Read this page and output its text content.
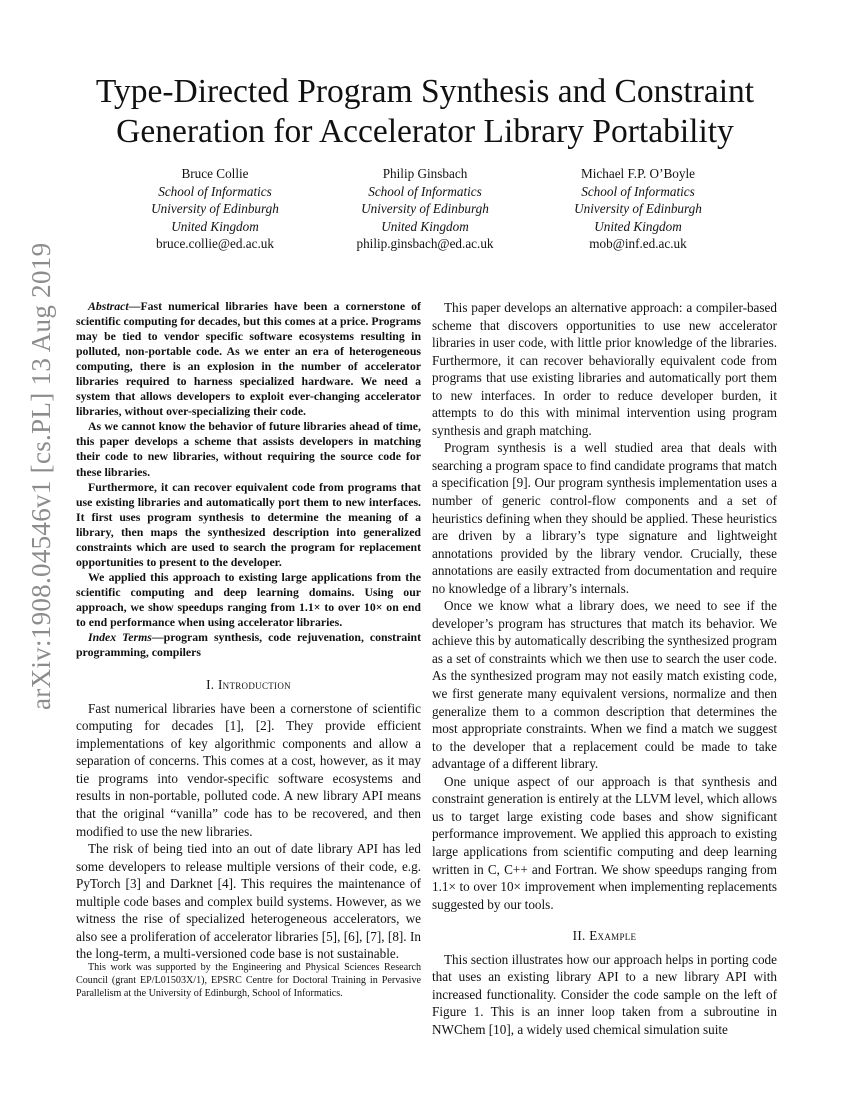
arXiv:1908.04546v1 [cs.PL] 13 Aug 2019
Type-Directed Program Synthesis and Constraint Generation for Accelerator Library Portability
Bruce Collie
School of Informatics
University of Edinburgh
United Kingdom
bruce.collie@ed.ac.uk
Philip Ginsbach
School of Informatics
University of Edinburgh
United Kingdom
philip.ginsbach@ed.ac.uk
Michael F.P. O’Boyle
School of Informatics
University of Edinburgh
United Kingdom
mob@inf.ed.ac.uk

Abstract—Fast numerical libraries have been a cornerstone of scientific computing for decades, but this comes at a price. Programs may be tied to vendor specific software ecosystems resulting in polluted, non-portable code. As we enter an era of heterogeneous computing, there is an explosion in the number of accelerator libraries required to harness specialized hardware. We need a system that allows developers to exploit ever-changing accelerator libraries, without over-specializing their code.

As we cannot know the behavior of future libraries ahead of time, this paper develops a scheme that assists developers in matching their code to new libraries, without requiring the source code for these libraries.

Furthermore, it can recover equivalent code from programs that use existing libraries and automatically port them to new interfaces. It first uses program synthesis to determine the meaning of a library, then maps the synthesized description into generalized constraints which are used to search the program for replacement opportunities to present to the developer.

We applied this approach to existing large applications from the scientific computing and deep learning domains. Using our approach, we show speedups ranging from 1.1× to over 10× on end to end performance when using accelerator libraries.

Index Terms—program synthesis, code rejuvenation, constraint programming, compilers

I. Introduction

Fast numerical libraries have been a cornerstone of scientific computing for decades [1], [2]. They provide efficient implementations of key algorithmic components and allow a separation of concerns. This comes at a cost, however, as it may tie programs into vendor-specific software ecosystems and results in non-portable, polluted code. A new library API means that the original “vanilla” code has to be recovered, and then modified to use the new libraries.

The risk of being tied into an out of date library API has led some developers to release multiple versions of their code, e.g. PyTorch [3] and Darknet [4]. This requires the maintenance of multiple code bases and complex build systems. However, as we witness the rise of specialized heterogeneous accelerators, we also see a proliferation of accelerator libraries [5], [6], [7], [8]. In the long-term, a multi-versioned code base is not sustainable.

This work was supported by the Engineering and Physical Sciences Research Council (grant EP/L01503X/1), EPSRC Centre for Doctoral Training in Pervasive Parallelism at the University of Edinburgh, School of Informatics.

This paper develops an alternative approach: a compiler-based scheme that discovers opportunities to use new accelerator libraries in user code, with little prior knowledge of the libraries. Furthermore, it can recover behaviorally equivalent code from programs that use existing libraries and automatically port them to new interfaces. In order to reduce developer burden, it attempts to do this with minimal intervention using program synthesis and graph matching.

Program synthesis is a well studied area that deals with searching a program space to find candidate programs that match a specification [9]. Our program synthesis implementation uses a number of generic control-flow components and a set of heuristics defining when they should be applied. These heuristics are driven by a library’s type signature and lightweight annotations provided by the library vendor. Crucially, these annotations are easily extracted from documentation and require no knowledge of a library’s internals.

Once we know what a library does, we need to see if the developer’s program has structures that match its behavior. We achieve this by automatically describing the synthesized program as a set of constraints which we then use to search the user code. As the synthesized program may not easily match existing code, we first generate many equivalent versions, normalize and then generalize them to a common description that determines the most appropriate constraints. When we find a match we suggest to the developer that a replacement could be made to take advantage of a different library.

One unique aspect of our approach is that synthesis and constraint generation is entirely at the LLVM level, which allows us to target large existing code bases and show significant performance improvement. We applied this approach to existing large applications from scientific computing and deep learning written in C, C++ and Fortran. We show speedups ranging from 1.1× to over 10× improvement when implementing replacements suggested by our tools.

II. Example

This section illustrates how our approach helps in porting code that uses an existing library API to a new library API with increased functionality. Consider the code sample on the left of Figure 1. This is an inner loop taken from a subroutine in NWChem [10], a widely used chemical simulation suite
